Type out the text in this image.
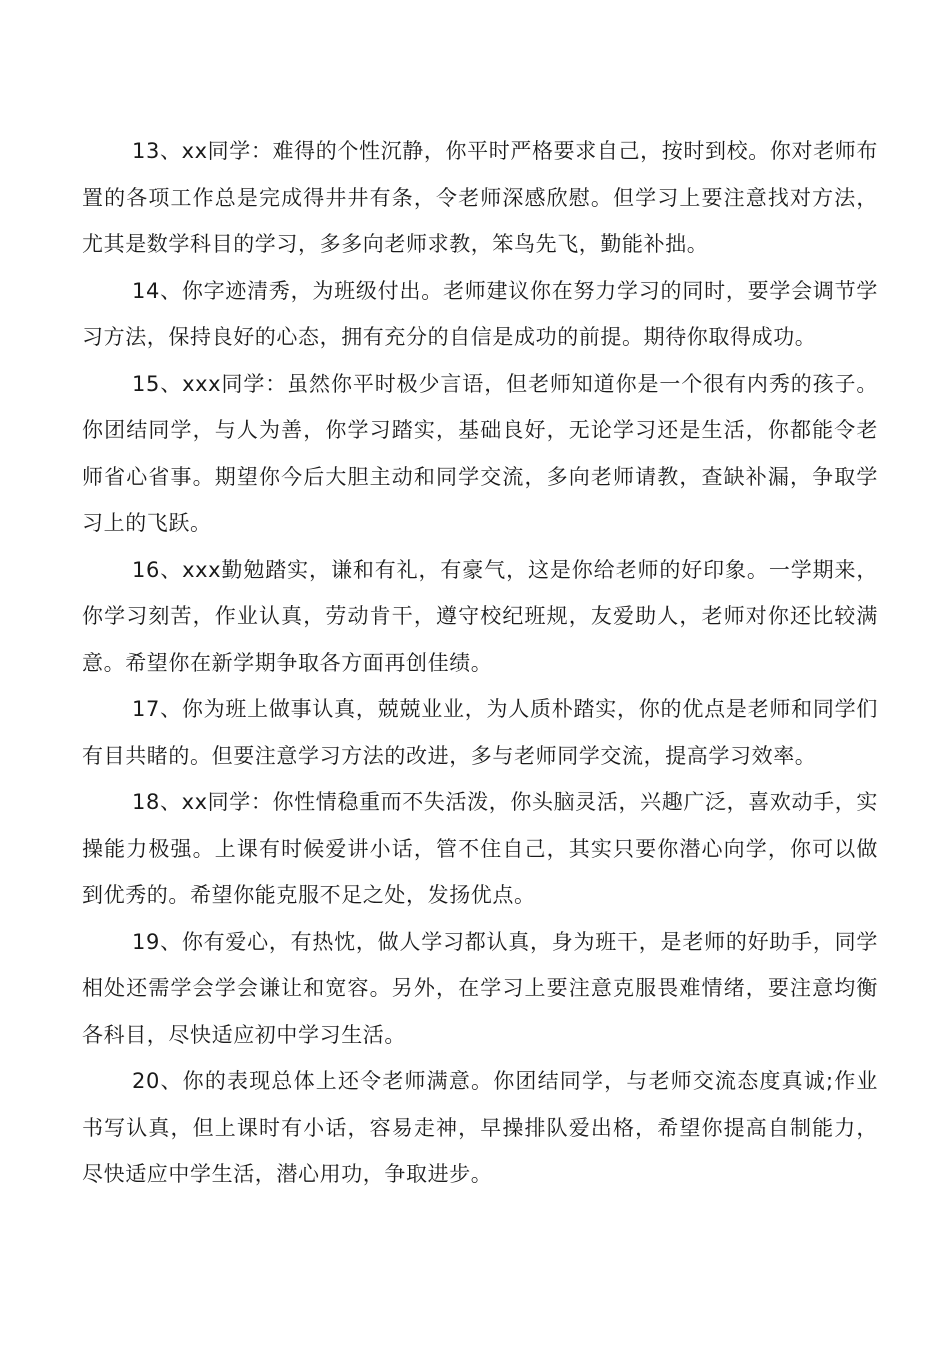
13、xx同学：难得的个性沉静，你平时严格要求自己，按时到校。你对老师布置的各项工作总是完成得井井有条，令老师深感欣慰。但学习上要注意找对方法，尤其是数学科目的学习，多多向老师求教，笨鸟先飞，勤能补拙。

14、你字迹清秀，为班级付出。老师建议你在努力学习的同时，要学会调节学习方法，保持良好的心态，拥有充分的自信是成功的前提。期待你取得成功。

15、xxx同学：虽然你平时极少言语，但老师知道你是一个很有内秀的孩子。你团结同学，与人为善，你学习踏实，基础良好，无论学习还是生活，你都能令老师省心省事。期望你今后大胆主动和同学交流，多向老师请教，查缺补漏，争取学习上的飞跃。

16、xxx勤勉踏实，谦和有礼，有豪气，这是你给老师的好印象。一学期来，你学习刻苦，作业认真，劳动肯干，遵守校纪班规，友爱助人，老师对你还比较满意。希望你在新学期争取各方面再创佳绩。

17、你为班上做事认真，兢兢业业，为人质朴踏实，你的优点是老师和同学们有目共睹的。但要注意学习方法的改进，多与老师同学交流，提高学习效率。

18、xx同学：你性情稳重而不失活泼，你头脑灵活，兴趣广泛，喜欢动手，实操能力极强。上课有时候爱讲小话，管不住自己，其实只要你潜心向学，你可以做到优秀的。希望你能克服不足之处，发扬优点。

19、你有爱心，有热忱，做人学习都认真，身为班干，是老师的好助手，同学相处还需学会学会谦让和宽容。另外，在学习上要注意克服畏难情绪，要注意均衡各科目，尽快适应初中学习生活。

20、你的表现总体上还令老师满意。你团结同学，与老师交流态度真诚;作业书写认真，但上课时有小话，容易走神，早操排队爱出格，希望你提高自制能力，尽快适应中学生活，潜心用功，争取进步。
